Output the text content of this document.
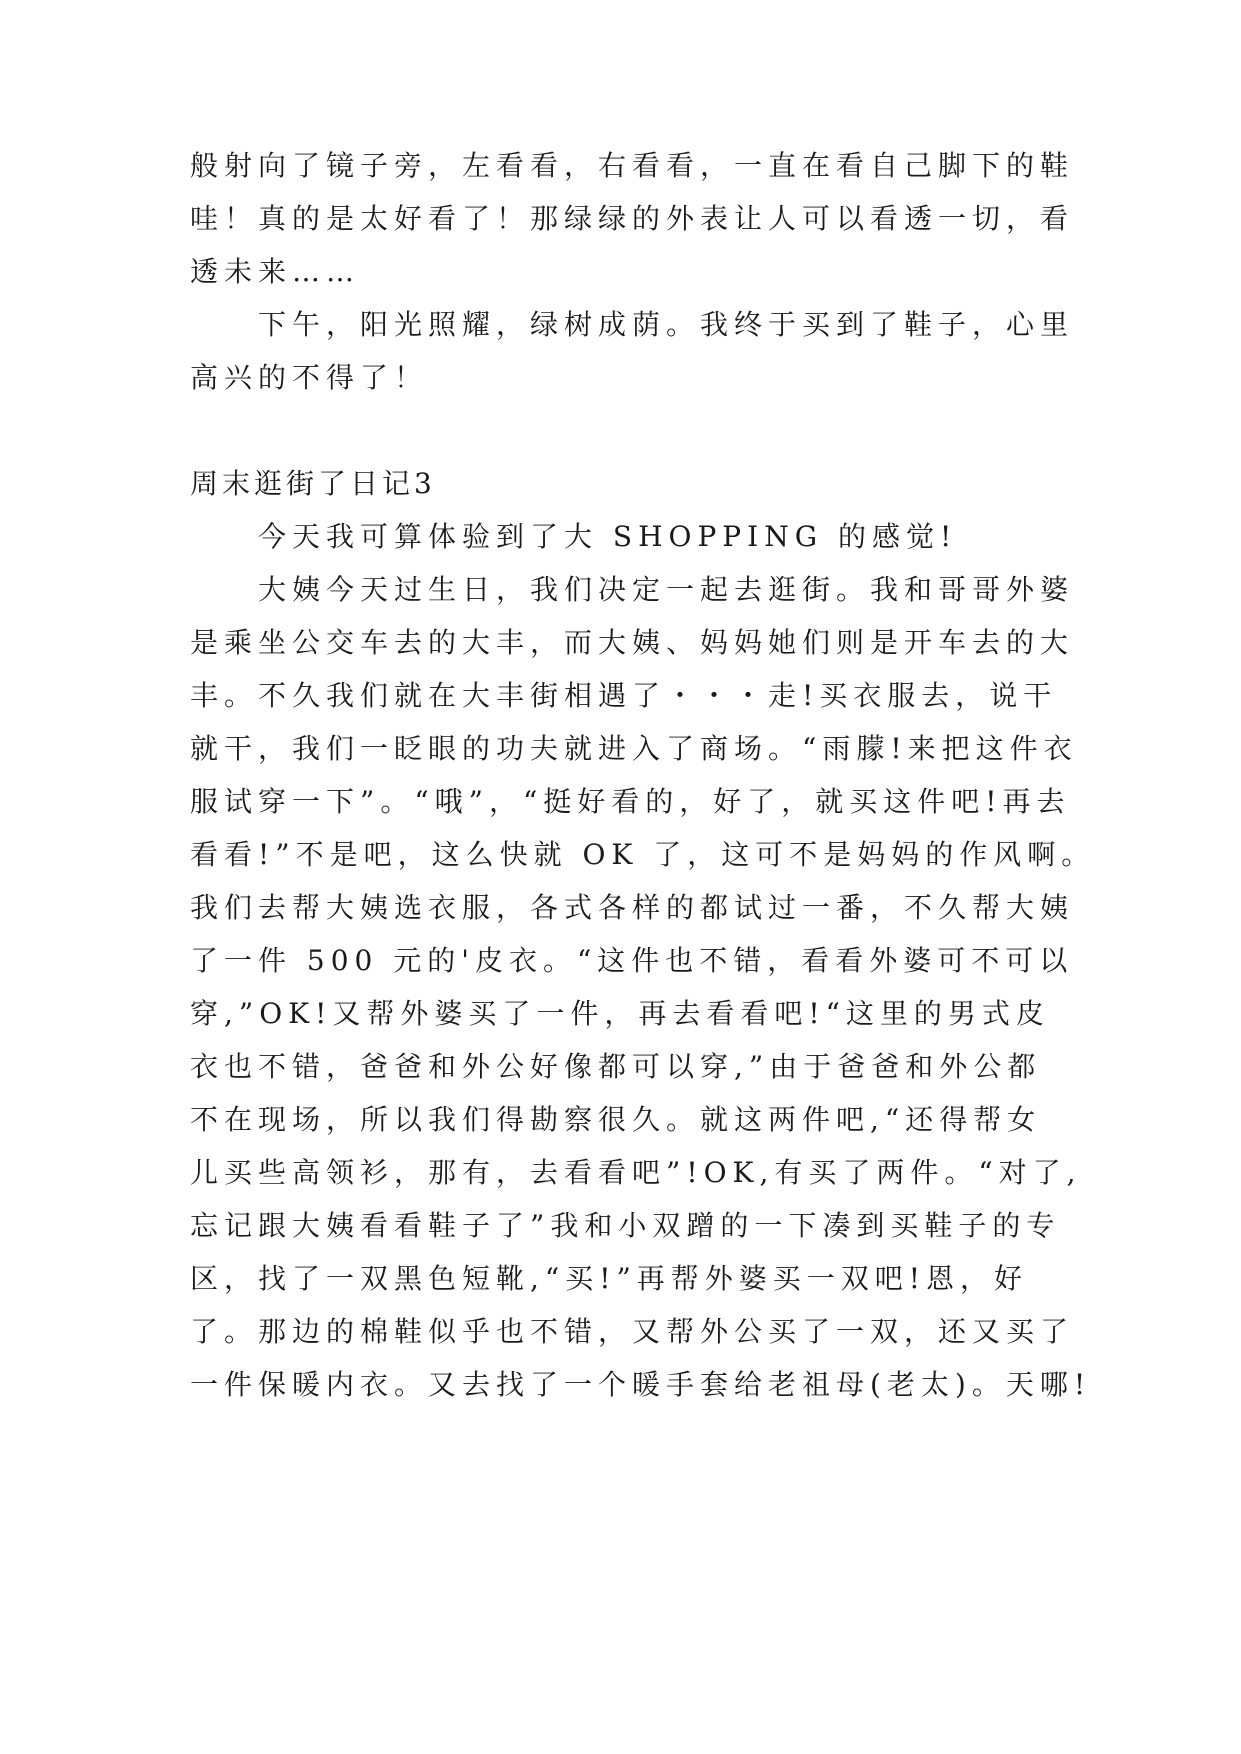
般射向了镜子旁，左看看，右看看，一直在看自己脚下的鞋
哇！真的是太好看了！那绿绿的外表让人可以看透一切，看
透未来……
下午，阳光照耀，绿树成荫。我终于买到了鞋子，心里
高兴的不得了！
周末逛街了日记3
今天我可算体验到了大 SHOPPING 的感觉!
大姨今天过生日，我们决定一起去逛街。我和哥哥外婆
是乘坐公交车去的大丰，而大姨、妈妈她们则是开车去的大
丰。不久我们就在大丰街相遇了・・・走!买衣服去，说干
就干，我们一眨眼的功夫就进入了商场。“雨朦!来把这件衣
服试穿一下”。“哦”，“挺好看的，好了，就买这件吧!再去
看看!”不是吧，这么快就 OK 了，这可不是妈妈的作风啊。
我们去帮大姨选衣服，各式各样的都试过一番，不久帮大姨
了一件 500 元的'皮衣。“这件也不错，看看外婆可不可以
穿,”OK!又帮外婆买了一件，再去看看吧!“这里的男式皮
衣也不错，爸爸和外公好像都可以穿,”由于爸爸和外公都
不在现场，所以我们得勘察很久。就这两件吧,“还得帮女
儿买些高领衫，那有，去看看吧”!OK,有买了两件。“对了,
忘记跟大姨看看鞋子了”我和小双蹭的一下凑到买鞋子的专
区，找了一双黑色短靴,“买!”再帮外婆买一双吧!恩，好
了。那边的棉鞋似乎也不错，又帮外公买了一双，还又买了
一件保暖内衣。又去找了一个暖手套给老祖母(老太)。天哪!
